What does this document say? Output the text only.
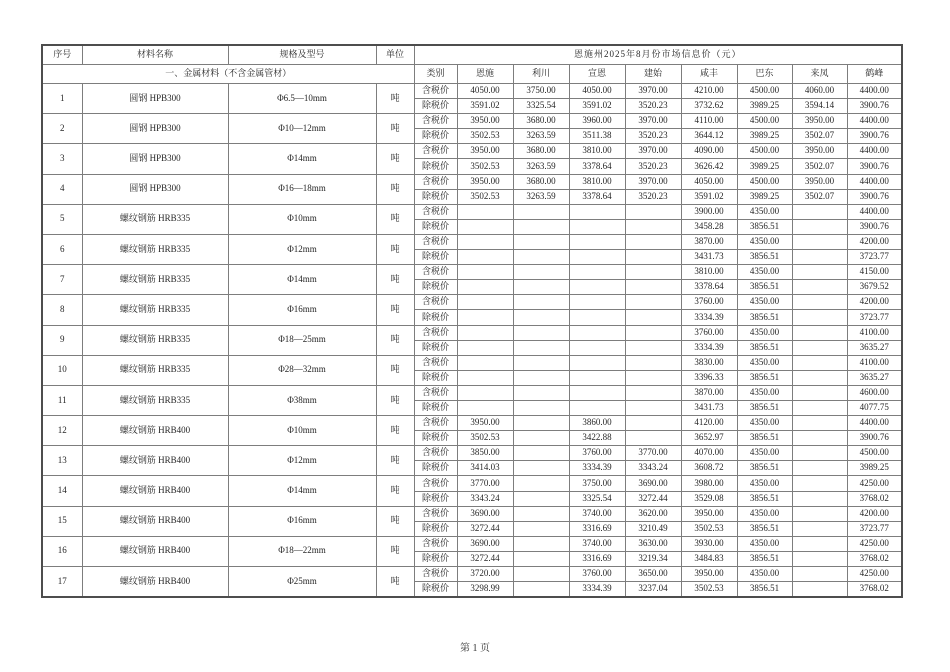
序号	材料名称	规格及型号	单位	恩施州2025年8月份市场信息价（元）								
一、金属材料（不含金属管材）				类别	恩施	利川	宣恩	建始	咸丰	巴东	来凤	鹤峰
1	圆钢 HPB300	Φ6.5—10mm	吨	含税价	4050.00	3750.00	4050.00	3970.00	4210.00	4500.00	4060.00	4400.00
				除税价	3591.02	3325.54	3591.02	3520.23	3732.62	3989.25	3594.14	3900.76
2	圆钢 HPB300	Φ10—12mm	吨	含税价	3950.00	3680.00	3960.00	3970.00	4110.00	4500.00	3950.00	4400.00
				除税价	3502.53	3263.59	3511.38	3520.23	3644.12	3989.25	3502.07	3900.76
3	圆钢 HPB300	Φ14mm	吨	含税价	3950.00	3680.00	3810.00	3970.00	4090.00	4500.00	3950.00	4400.00
				除税价	3502.53	3263.59	3378.64	3520.23	3626.42	3989.25	3502.07	3900.76
4	圆钢 HPB300	Φ16—18mm	吨	含税价	3950.00	3680.00	3810.00	3970.00	4050.00	4500.00	3950.00	4400.00
				除税价	3502.53	3263.59	3378.64	3520.23	3591.02	3989.25	3502.07	3900.76
5	螺纹钢筋 HRB335	Φ10mm	吨	含税价					3900.00	4350.00		4400.00
				除税价					3458.28	3856.51		3900.76
6	螺纹钢筋 HRB335	Φ12mm	吨	含税价					3870.00	4350.00		4200.00
				除税价					3431.73	3856.51		3723.77
7	螺纹钢筋 HRB335	Φ14mm	吨	含税价					3810.00	4350.00		4150.00
				除税价					3378.64	3856.51		3679.52
8	螺纹钢筋 HRB335	Φ16mm	吨	含税价					3760.00	4350.00		4200.00
				除税价					3334.39	3856.51		3723.77
9	螺纹钢筋 HRB335	Φ18—25mm	吨	含税价					3760.00	4350.00		4100.00
				除税价					3334.39	3856.51		3635.27
10	螺纹钢筋 HRB335	Φ28—32mm	吨	含税价					3830.00	4350.00		4100.00
				除税价					3396.33	3856.51		3635.27
11	螺纹钢筋 HRB335	Φ38mm	吨	含税价					3870.00	4350.00		4600.00
				除税价					3431.73	3856.51		4077.75
12	螺纹钢筋 HRB400	Φ10mm	吨	含税价	3950.00		3860.00		4120.00	4350.00		4400.00
				除税价	3502.53		3422.88		3652.97	3856.51		3900.76
13	螺纹钢筋 HRB400	Φ12mm	吨	含税价	3850.00		3760.00	3770.00	4070.00	4350.00		4500.00
				除税价	3414.03		3334.39	3343.24	3608.72	3856.51		3989.25
14	螺纹钢筋 HRB400	Φ14mm	吨	含税价	3770.00		3750.00	3690.00	3980.00	4350.00		4250.00
				除税价	3343.24		3325.54	3272.44	3529.08	3856.51		3768.02
15	螺纹钢筋 HRB400	Φ16mm	吨	含税价	3690.00		3740.00	3620.00	3950.00	4350.00		4200.00
				除税价	3272.44		3316.69	3210.49	3502.53	3856.51		3723.77
16	螺纹钢筋 HRB400	Φ18—22mm	吨	含税价	3690.00		3740.00	3630.00	3930.00	4350.00		4250.00
				除税价	3272.44		3316.69	3219.34	3484.83	3856.51		3768.02
17	螺纹钢筋 HRB400	Φ25mm	吨	含税价	3720.00		3760.00	3650.00	3950.00	4350.00		4250.00
				除税价	3298.99		3334.39	3237.04	3502.53	3856.51		3768.02
第 1 页
